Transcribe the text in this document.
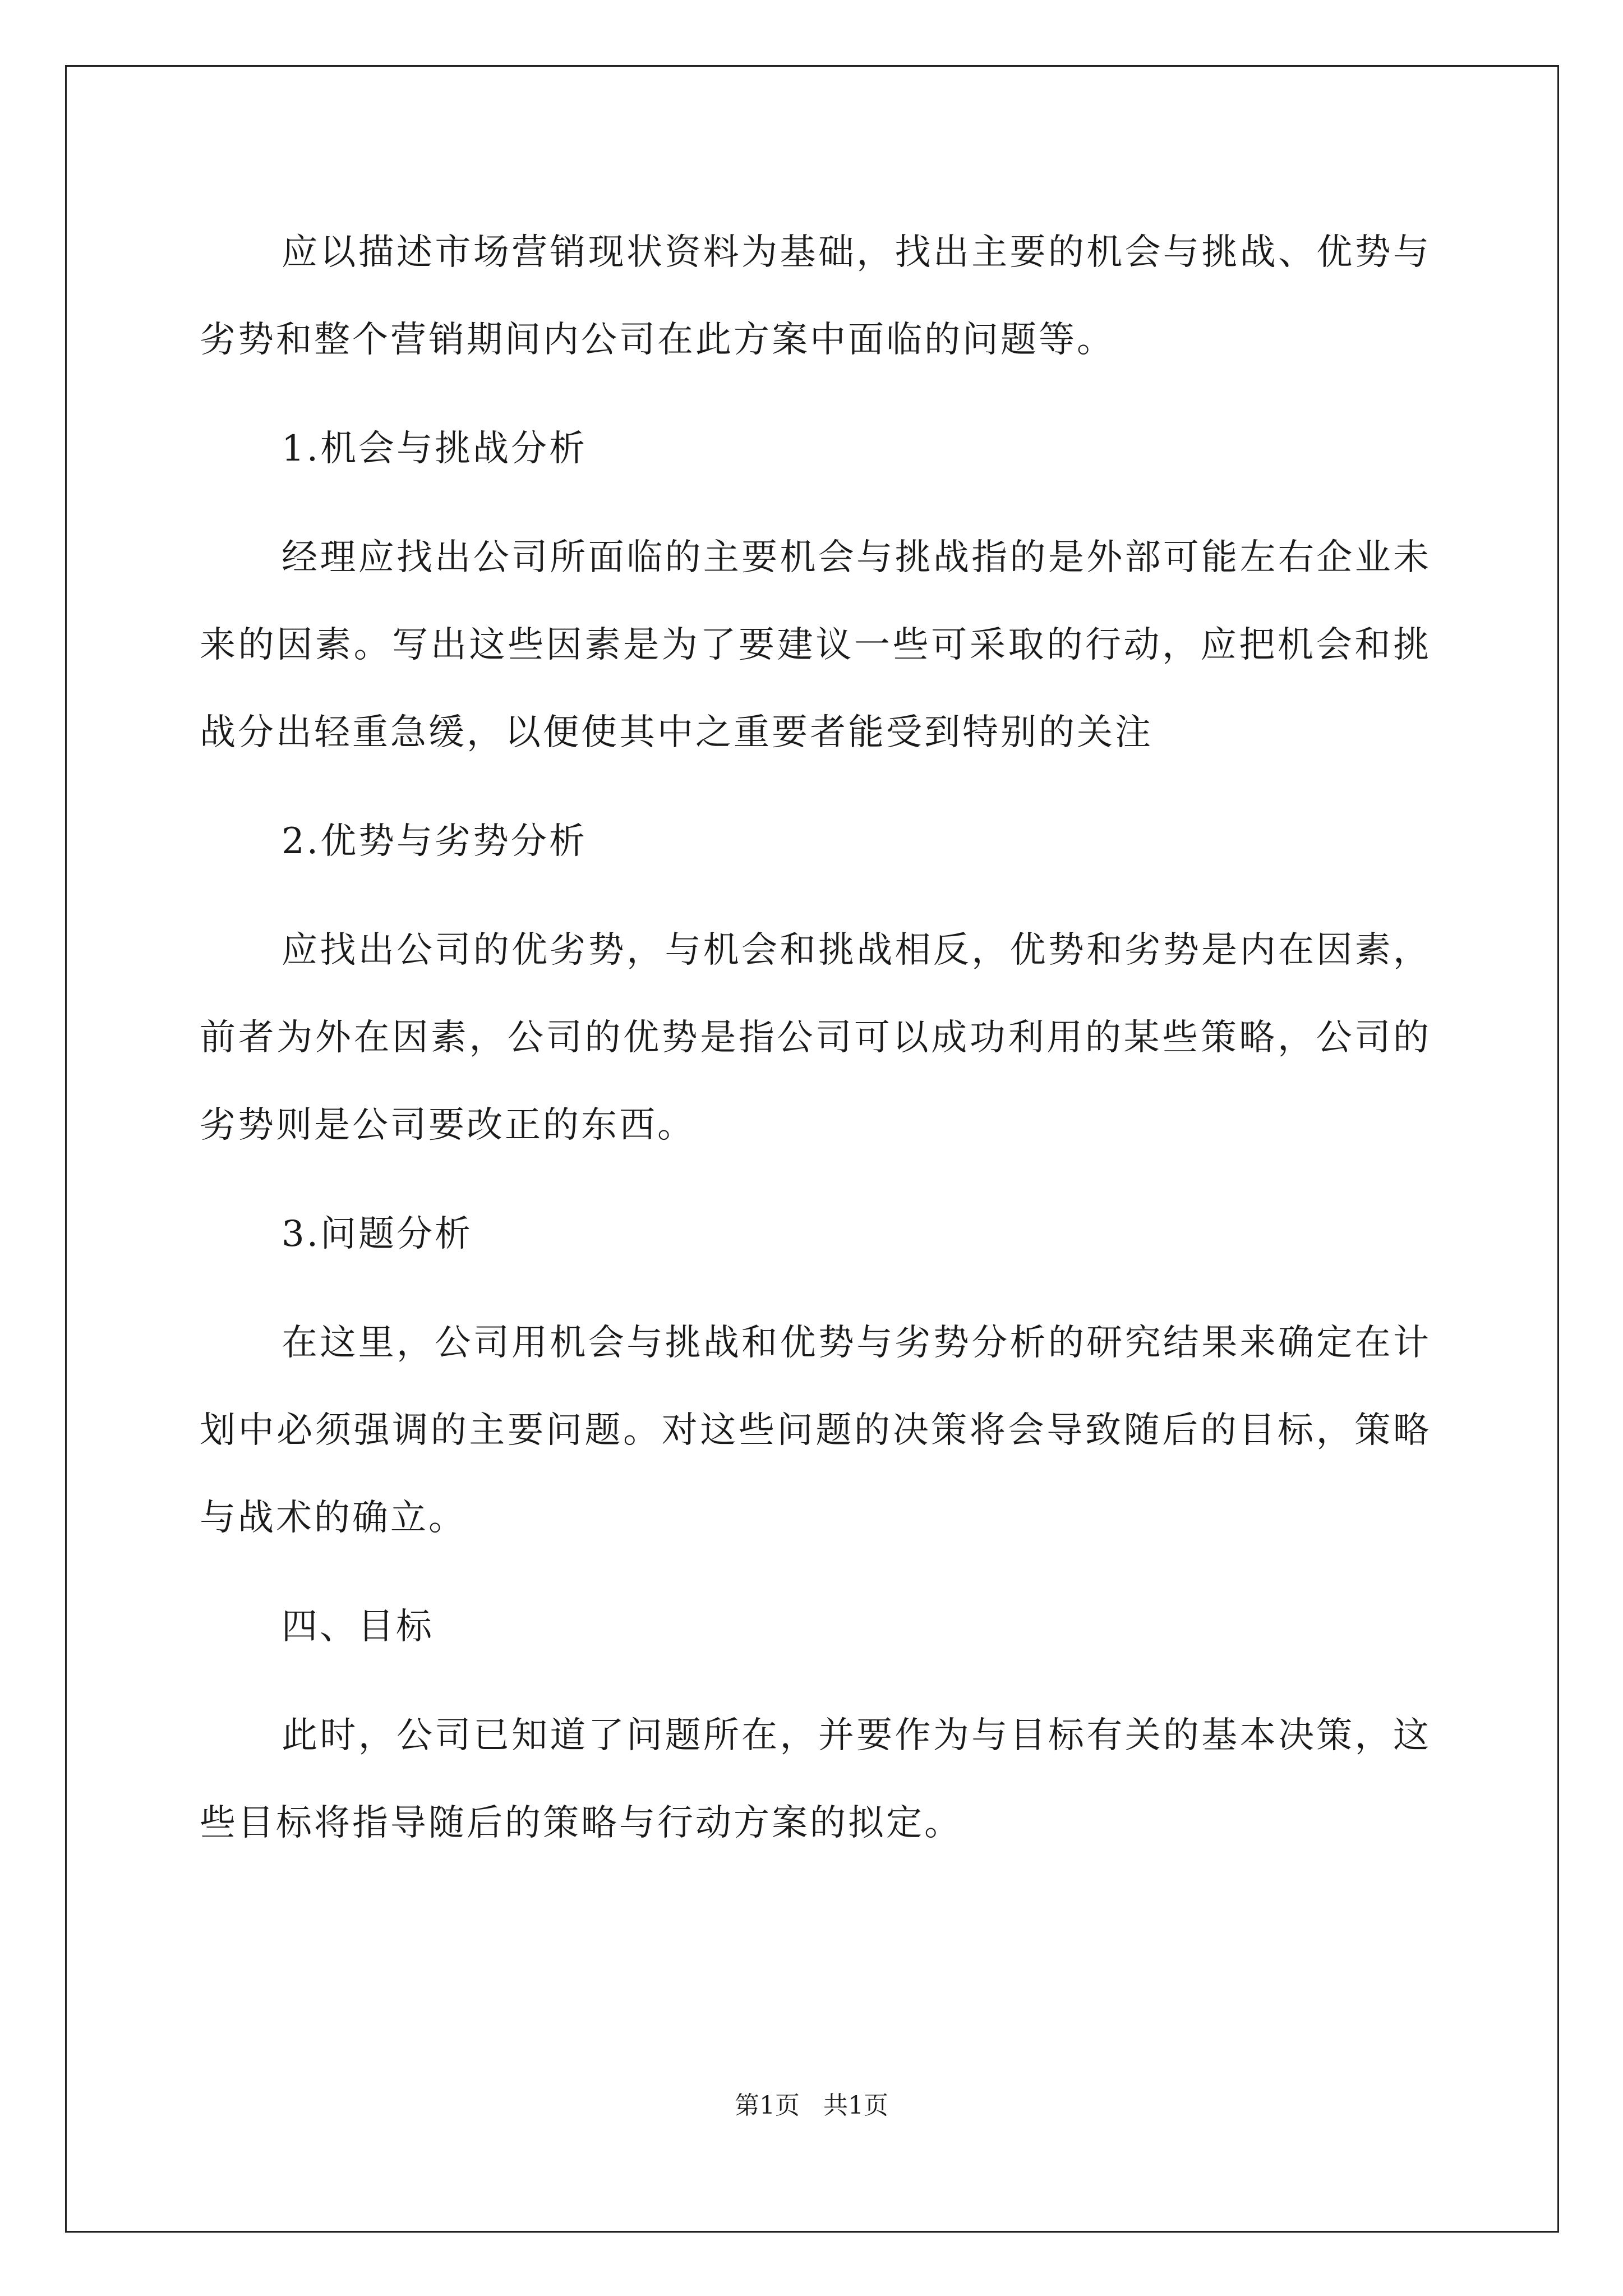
应以描述市场营销现状资料为基础，找出主要的机会与挑战、优势与劣势和整个营销期间内公司在此方案中面临的问题等。

1.机会与挑战分析

经理应找出公司所面临的主要机会与挑战指的是外部可能左右企业未来的因素。写出这些因素是为了要建议一些可采取的行动，应把机会和挑战分出轻重急缓，以便使其中之重要者能受到特别的关注

2.优势与劣势分析

应找出公司的优劣势，与机会和挑战相反，优势和劣势是内在因素，前者为外在因素，公司的优势是指公司可以成功利用的某些策略，公司的劣势则是公司要改正的东西。

3.问题分析

在这里，公司用机会与挑战和优势与劣势分析的研究结果来确定在计划中必须强调的主要问题。对这些问题的决策将会导致随后的目标，策略与战术的确立。

四、目标

此时，公司已知道了问题所在，并要作为与目标有关的基本决策，这些目标将指导随后的策略与行动方案的拟定。

第1页 共1页
